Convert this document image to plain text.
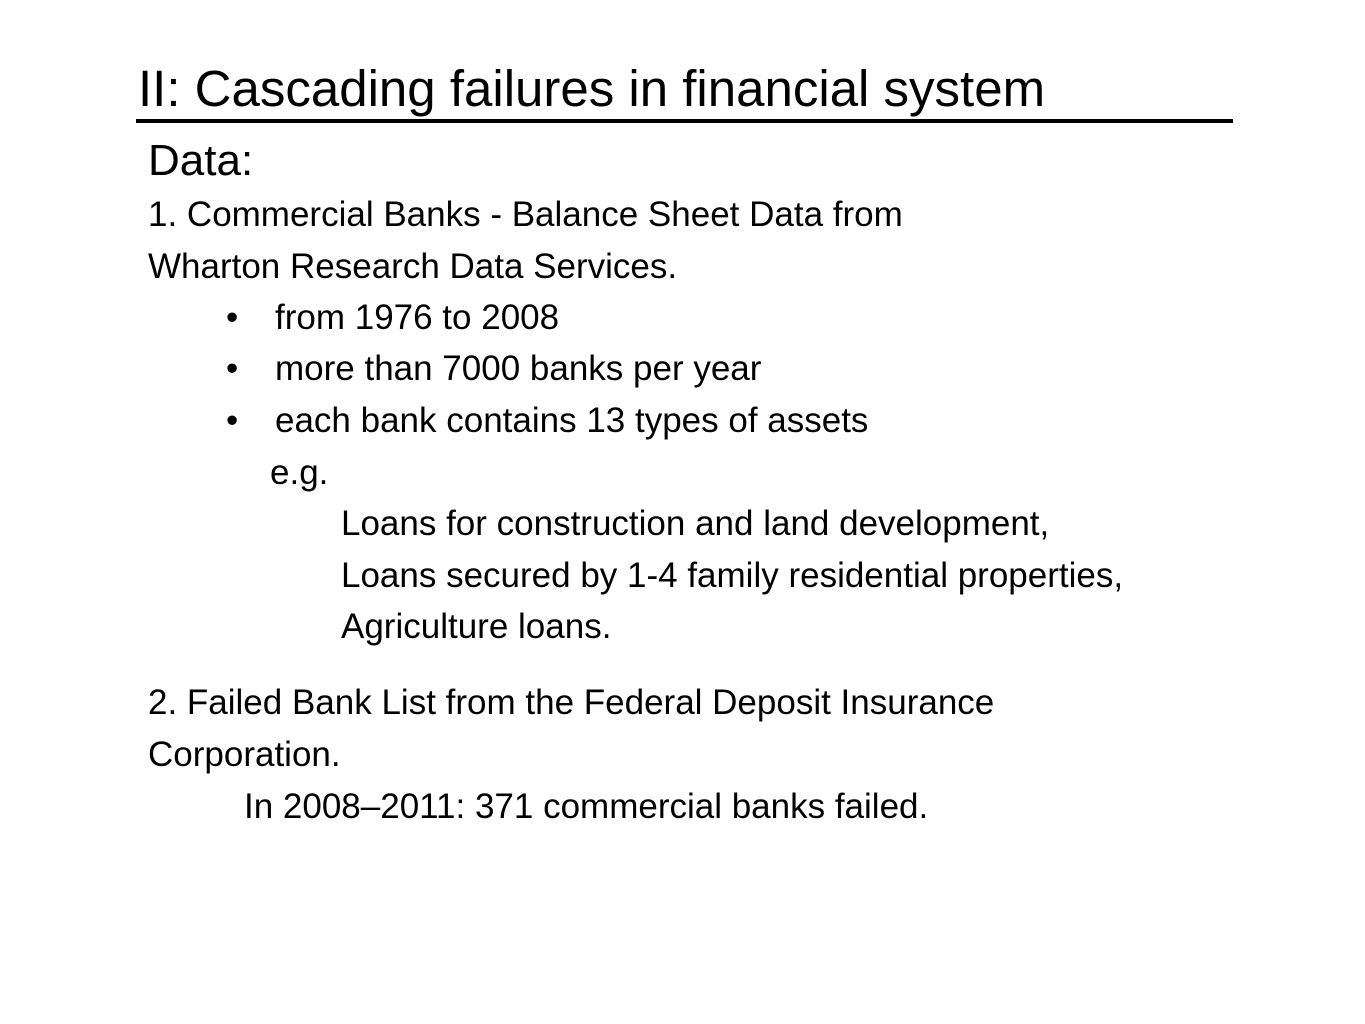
II: Cascading failures in financial system
Data:
1. Commercial Banks - Balance Sheet Data from
Wharton Research Data Services.
• from 1976 to 2008
• more than 7000 banks per year
• each bank contains 13 types of assets
e.g.
Loans for construction and land development,
Loans secured by 1-4 family residential properties,
Agriculture loans.
2. Failed Bank List from the Federal Deposit Insurance
Corporation.
In 2008–2011: 371 commercial banks failed.
